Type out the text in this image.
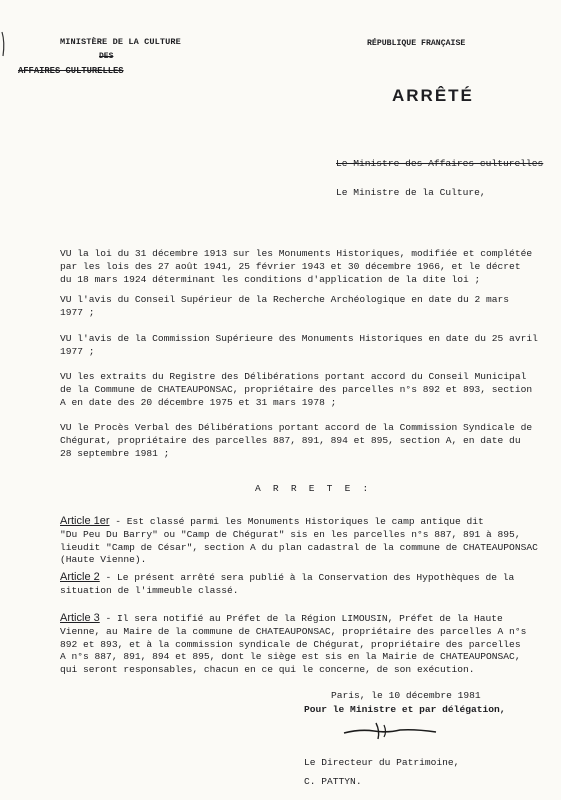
MINISTÈRE DE LA CULTURE
DES
AFFAIRES CULTURELLES
RÉPUBLIQUE FRANÇAISE
ARRÊTÉ
Le Ministre des Affaires culturelles
Le Ministre de la Culture,
VU la loi du 31 décembre 1913 sur les Monuments Historiques, modifiée et complétée
par les lois des 27 août 1941, 25 février 1943 et 30 décembre 1966, et le décret
du 18 mars 1924 déterminant les conditions d'application de la dite loi ;
VU l'avis du Conseil Supérieur de la Recherche Archéologique en date du 2 mars
1977 ;
VU l'avis de la Commission Supérieure des Monuments Historiques en date du 25 avril
1977 ;
VU les extraits du Registre des Délibérations portant accord du Conseil Municipal
de la Commune de CHATEAUPONSAC, propriétaire des parcelles n°s 892 et 893, section
A en date des 20 décembre 1975 et 31 mars 1978 ;
VU le Procès Verbal des Délibérations portant accord de la Commission Syndicale de
Chégurat, propriétaire des parcelles 887, 891, 894 et 895, section A, en date du
28 septembre 1981 ;
A R R E T E :
Article 1er - Est classé parmi les Monuments Historiques le camp antique dit
"Du Peu Du Barry" ou "Camp de Chégurat" sis en les parcelles n°s 887, 891 à 895,
lieudit "Camp de César", section A du plan cadastral de la commune de CHATEAUPONSAC
(Haute Vienne).
Article 2 - Le présent arrêté sera publié à la Conservation des Hypothèques de la
situation de l'immeuble classé.
Article 3 - Il sera notifié au Préfet de la Région LIMOUSIN, Préfet de la Haute
Vienne, au Maire de la commune de CHATEAUPONSAC, propriétaire des parcelles A n°s
892 et 893, et à la commission syndicale de Chégurat, propriétaire des parcelles
A n°s 887, 891, 894 et 895, dont le siège est sis en la Mairie de CHATEAUPONSAC,
qui seront responsables, chacun en ce qui le concerne, de son exécution.
Paris, le 10 décembre 1981
Pour le Ministre et par délégation,
Le Directeur du Patrimoine,
C. PATTYN.
